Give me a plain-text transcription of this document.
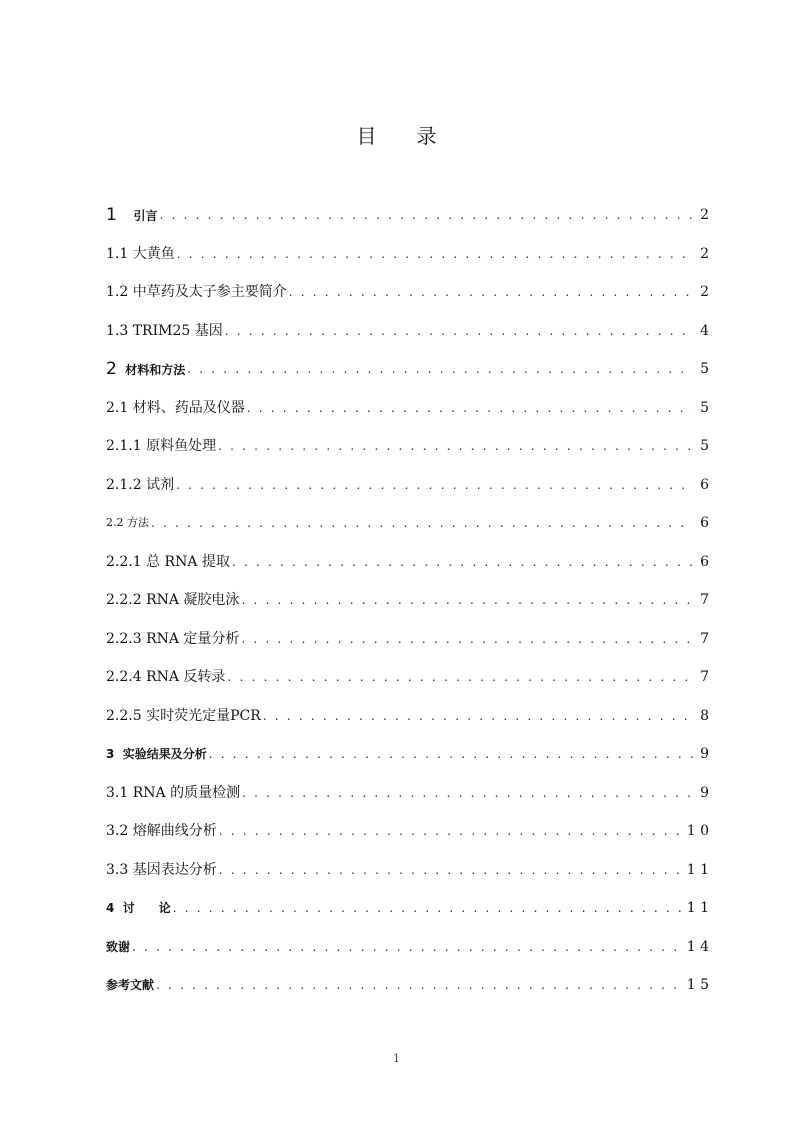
目　　录
1 引言 . . .	2
1.1 大黄鱼 . . .	2
1.2 中草药及太子参主要简介 . . .	2
1.3 TRIM25 基因 . . .	4
2 材料和方法 . . .	5
2.1 材料、药品及仪器 . . .	5
2.1.1 原料鱼处理 . . .	5
2.1.2 试剂 . . .	6
2.2 方法 . . .	6
2.2.1 总 RNA 提取 . . .	6
2.2.2 RNA 凝胶电泳 . . .	7
2.2.3 RNA 定量分析 . . .	7
2.2.4 RNA 反转录 . . .	7
2.2.5 实时荧光定量PCR . . .	8
3  实验结果及分析 . . .	9
3.1 RNA 的质量检测 . . .	9
3.2 熔解曲线分析 . . .	1 0
3.3 基因表达分析 . . .	1 1
4  讨　　论 . . .	1 1
致谢 . . .	1 4
参考文献 . . .	1 5
1
